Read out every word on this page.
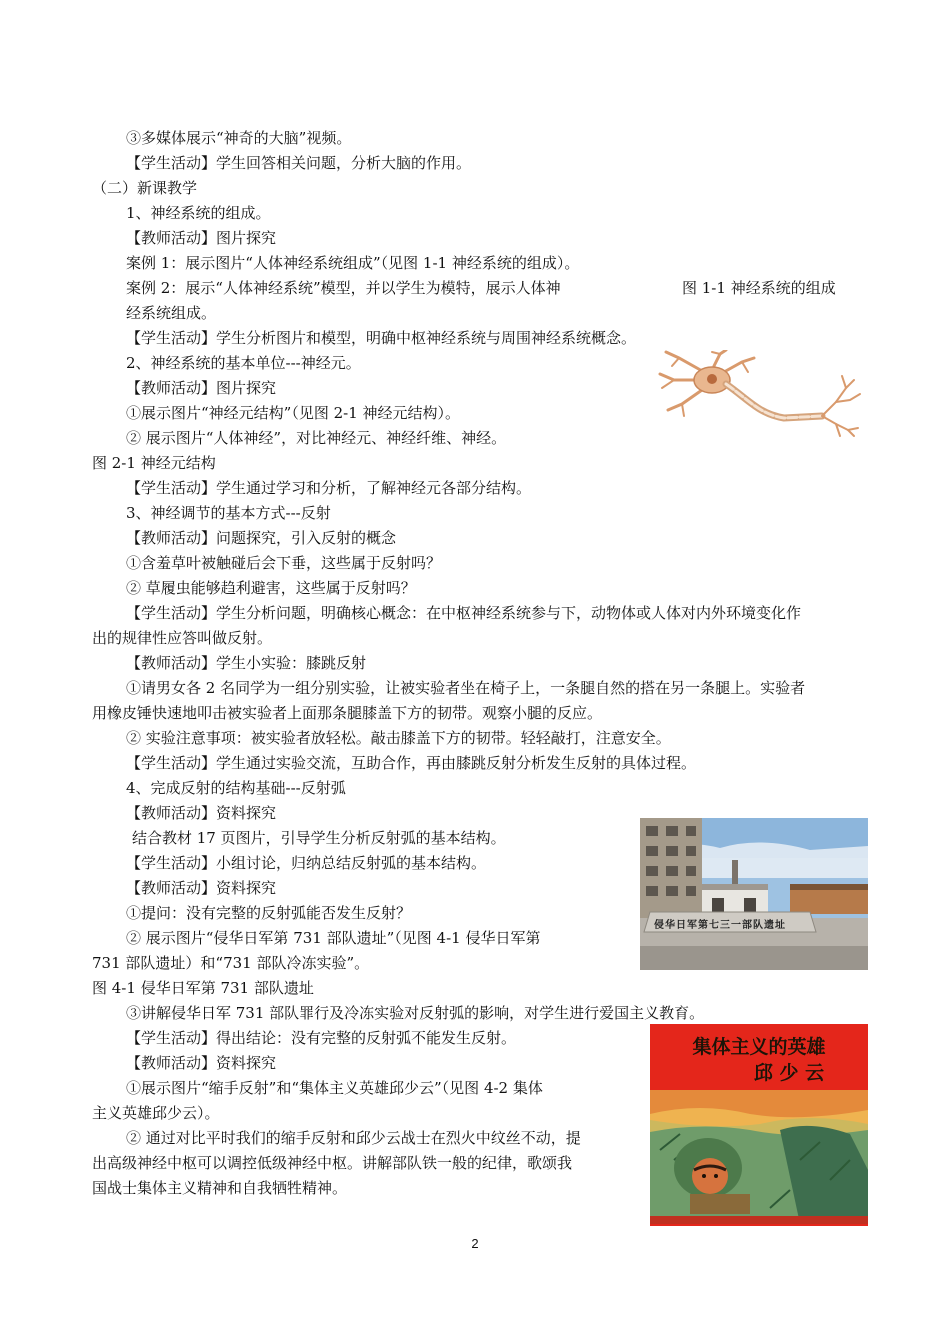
③多媒体展示“神奇的大脑”视频。
【学生活动】学生回答相关问题，分析大脑的作用。
（二）新课教学
1、神经系统的组成。
【教师活动】图片探究
案例 1：展示图片“人体神经系统组成”（见图 1-1 神经系统的组成）。
案例 2：展示“人体神经系统”模型，并以学生为模特，展示人体神	图 1-1 神经系统的组成
经系统组成。
【学生活动】学生分析图片和模型，明确中枢神经系统与周围神经系统概念。
2、神经系统的基本单位---神经元。
【教师活动】图片探究
①展示图片“神经元结构”（见图 2-1 神经元结构）。
② 展示图片“人体神经”，对比神经元、神经纤维、神经。
图 2-1 神经元结构
【学生活动】学生通过学习和分析，了解神经元各部分结构。
3、神经调节的基本方式---反射
【教师活动】问题探究，引入反射的概念
①含羞草叶被触碰后会下垂，这些属于反射吗？
② 草履虫能够趋利避害，这些属于反射吗？
【学生活动】学生分析问题，明确核心概念：在中枢神经系统参与下，动物体或人体对内外环境变化作
出的规律性应答叫做反射。
【教师活动】学生小实验：膝跳反射
①请男女各 2 名同学为一组分别实验，让被实验者坐在椅子上，一条腿自然的搭在另一条腿上。实验者
用橡皮锤快速地叩击被实验者上面那条腿膝盖下方的韧带。观察小腿的反应。
② 实验注意事项：被实验者放轻松。敲击膝盖下方的韧带。轻轻敲打，注意安全。
【学生活动】学生通过实验交流，互助合作，再由膝跳反射分析发生反射的具体过程。
4、完成反射的结构基础---反射弧
【教师活动】资料探究
结合教材 17 页图片，引导学生分析反射弧的基本结构。
【学生活动】小组讨论，归纳总结反射弧的基本结构。
【教师活动】资料探究
①提问：没有完整的反射弧能否发生反射？
② 展示图片“侵华日军第 731 部队遗址”（见图 4-1 侵华日军第
731 部队遗址）和“731 部队冷冻实验”。
图 4-1 侵华日军第 731 部队遗址
③讲解侵华日军 731 部队罪行及冷冻实验对反射弧的影响，对学生进行爱国主义教育。
【学生活动】得出结论：没有完整的反射弧不能发生反射。
【教师活动】资料探究
①展示图片“缩手反射”和“集体主义英雄邱少云”（见图 4-2 集体
主义英雄邱少云）。
② 通过对比平时我们的缩手反射和邱少云战士在烈火中纹丝不动，提
出高级神经中枢可以调控低级神经中枢。讲解部队铁一般的纪律，歌颂我
国战士集体主义精神和自我牺牲精神。
侵华日军第七三一部队遗址
集体主义的英雄
邱 少 云
2
